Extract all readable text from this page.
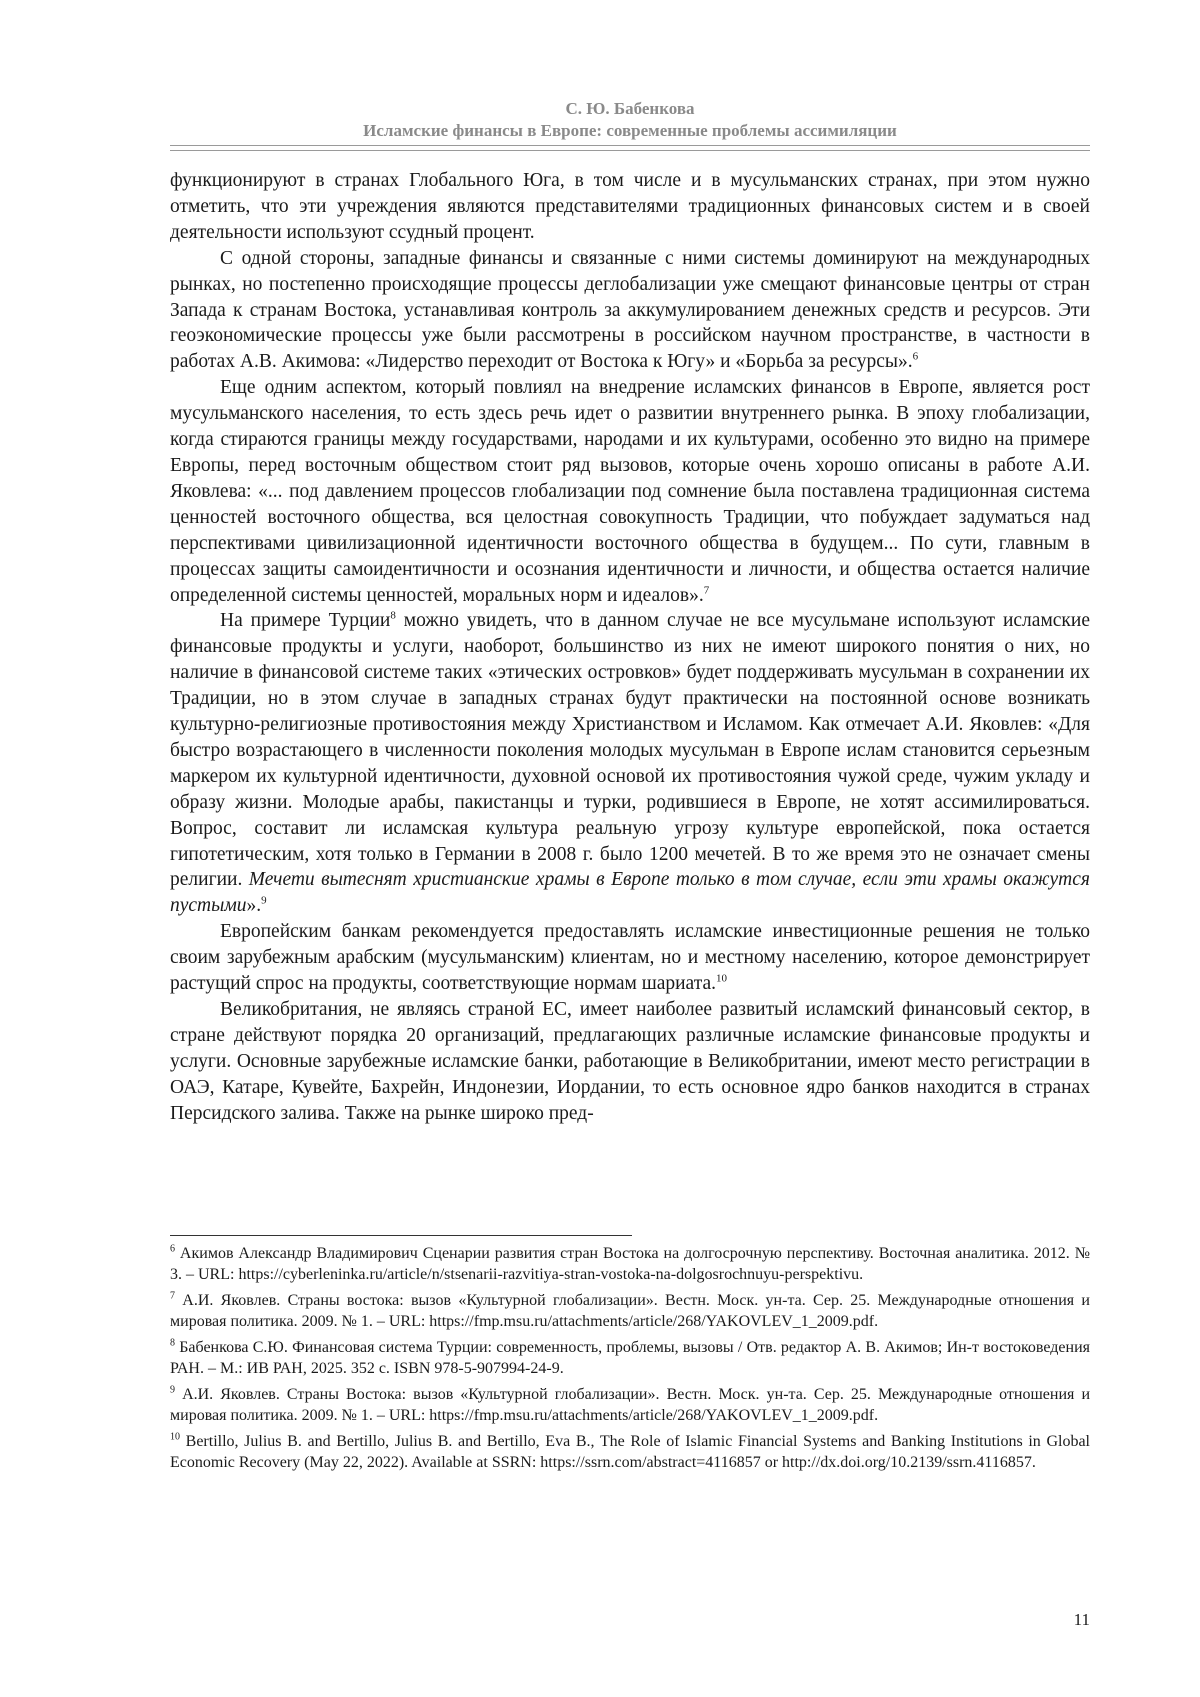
С. Ю. Бабенкова
Исламские финансы в Европе: современные проблемы ассимиляции

функционируют в странах Глобального Юга, в том числе и в мусульманских странах, при этом нужно отметить, что эти учреждения являются представителями традиционных финансовых систем и в своей деятельности используют ссудный процент.

С одной стороны, западные финансы и связанные с ними системы доминируют на международных рынках, но постепенно происходящие процессы деглобализации уже смещают финансовые центры от стран Запада к странам Востока, устанавливая контроль за аккумулированием денежных средств и ресурсов. Эти геоэкономические процессы уже были рассмотрены в российском научном пространстве, в частности в работах А.В. Акимова: «Лидерство переходит от Востока к Югу» и «Борьба за ресурсы».$^6$

Еще одним аспектом, который повлиял на внедрение исламских финансов в Европе, является рост мусульманского населения, то есть здесь речь идет о развитии внутреннего рынка. В эпоху глобализации, когда стираются границы между государствами, народами и их культурами, особенно это видно на примере Европы, перед восточным обществом стоит ряд вызовов, которые очень хорошо описаны в работе А.И. Яковлева: «... под давлением процессов глобализации под сомнение была поставлена традиционная система ценностей восточного общества, вся целостная совокупность Традиции, что побуждает задуматься над перспективами цивилизационной идентичности восточного общества в будущем... По сути, главным в процессах защиты самоидентичности и осознания идентичности и личности, и общества остается наличие определенной системы ценностей, моральных норм и идеалов».$^7$

На примере Турции$^8$ можно увидеть, что в данном случае не все мусульмане используют исламские финансовые продукты и услуги, наоборот, большинство из них не имеют широкого понятия о них, но наличие в финансовой системе таких «этических островков» будет поддерживать мусульман в сохранении их Традиции, но в этом случае в западных странах будут практически на постоянной основе возникать культурно-религиозные противостояния между Христианством и Исламом. Как отмечает А.И. Яковлев: «Для быстро возрастающего в численности поколения молодых мусульман в Европе ислам становится серьезным маркером их культурной идентичности, духовной основой их противостояния чужой среде, чужим укладу и образу жизни. Молодые арабы, пакистанцы и турки, родившиеся в Европе, не хотят ассимилироваться. Вопрос, составит ли исламская культура реальную угрозу культуре европейской, пока остается гипотетическим, хотя только в Германии в 2008 г. было 1200 мечетей. В то же время это не означает смены религии. Мечети вытеснят христианские храмы в Европе только в том случае, если эти храмы окажутся пустыми».$^9$

Европейским банкам рекомендуется предоставлять исламские инвестиционные решения не только своим зарубежным арабским (мусульманским) клиентам, но и местному населению, которое демонстрирует растущий спрос на продукты, соответствующие нормам шариата.$^{10}$

Великобритания, не являясь страной ЕС, имеет наиболее развитый исламский финансовый сектор, в стране действуют порядка 20 организаций, предлагающих различные исламские финансовые продукты и услуги. Основные зарубежные исламские банки, работающие в Великобритании, имеют место регистрации в ОАЭ, Катаре, Кувейте, Бахрейн, Индонезии, Иордании, то есть основное ядро банков находится в странах Персидского залива. Также на рынке широко пред-

$^6$ Акимов Александр Владимирович Сценарии развития стран Востока на долгосрочную перспективу. Восточная аналитика. 2012. № 3. – URL: https://cyberleninka.ru/article/n/stsenarii-razvitiya-stran-vostoka-na-dolgosrochnuyu-perspektivu.

$^7$ А.И. Яковлев. Страны востока: вызов «Культурной глобализации». Вестн. Моск. ун-та. Сер. 25. Международные отношения и мировая политика. 2009. № 1. – URL: https://fmp.msu.ru/attachments/article/268/YAKOVLEV_1_2009.pdf.

$^8$ Бабенкова С.Ю. Финансовая система Турции: современность, проблемы, вызовы / Отв. редактор А. В. Акимов; Ин-т востоковедения РАН. – М.: ИВ РАН, 2025. 352 с. ISBN 978-5-907994-24-9.

$^9$ А.И. Яковлев. Страны Востока: вызов «Культурной глобализации». Вестн. Моск. ун-та. Сер. 25. Международные отношения и мировая политика. 2009. № 1. – URL: https://fmp.msu.ru/attachments/article/268/YAKOVLEV_1_2009.pdf.

$^{10}$ Bertillo, Julius B. and Bertillo, Julius B. and Bertillo, Eva B., The Role of Islamic Financial Systems and Banking Institutions in Global Economic Recovery (May 22, 2022). Available at SSRN: https://ssrn.com/abstract=4116857 or http://dx.doi.org/10.2139/ssrn.4116857.

11
